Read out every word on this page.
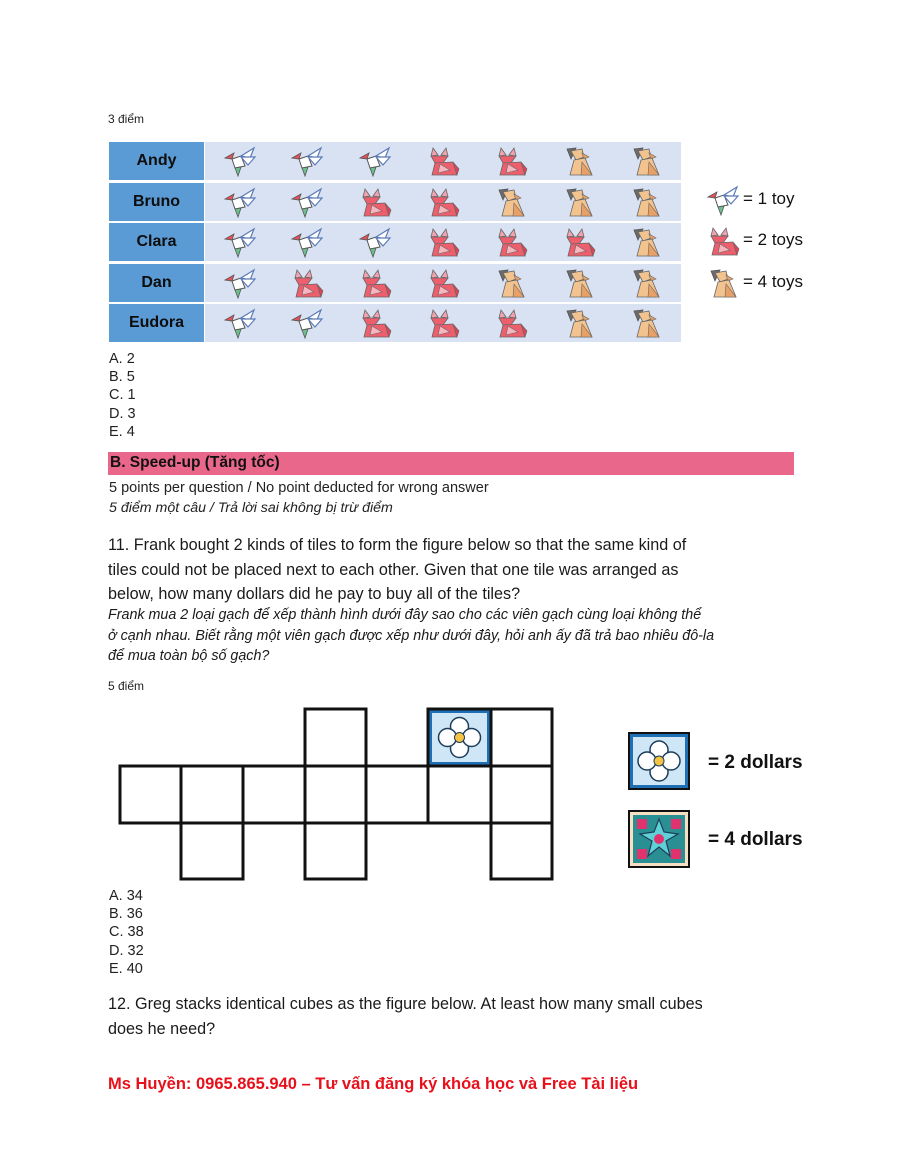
3 điểm
Andy
Bruno
Clara
Dan
Eudora
= 1 toy
= 2 toys
= 4 toys
A. 2
B. 5
C. 1
D. 3
E. 4
B. Speed-up (Tăng tốc)
5 points per question / No point deducted for wrong answer
5 điểm một câu / Trả lời sai không bị trừ điểm
11. Frank bought 2 kinds of tiles to form the figure below so that the same kind of
tiles could not be placed next to each other. Given that one tile was arranged as
below, how many dollars did he pay to buy all of the tiles?
Frank mua 2 loại gạch để xếp thành hình dưới đây sao cho các viên gạch cùng loại không thể
ở cạnh nhau. Biết rằng một viên gạch được xếp như dưới đây, hỏi anh ấy đã trả bao nhiêu đô-la
để mua toàn bộ số gạch?
5 điểm
= 2 dollars
= 4 dollars
A. 34
B. 36
C. 38
D. 32
E. 40
12. Greg stacks identical cubes as the figure below. At least how many small cubes
does he need?
Ms Huyền: 0965.865.940 – Tư vấn đăng ký khóa học và Free Tài liệu
